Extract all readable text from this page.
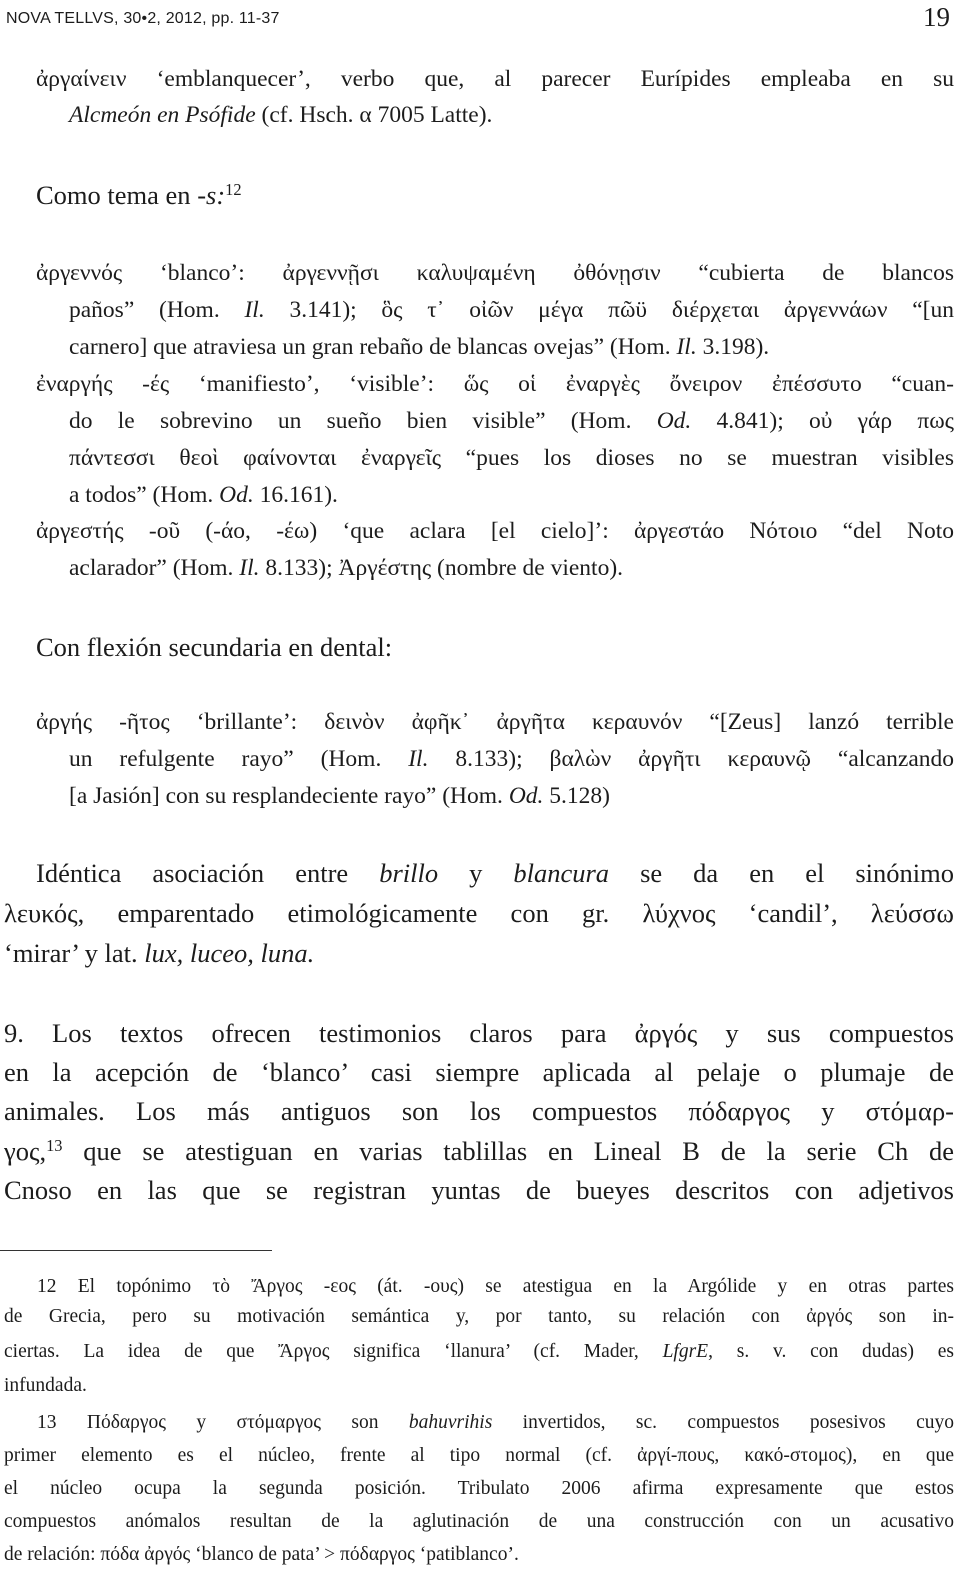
NOVA TELLVS, 30•2, 2012, pp. 11-37	19
ἀργαίνειν ‘emblanquecer’, verbo que, al parecer Eurípides empleaba en su
Alcmeón en Psófide (cf. Hsch. α 7005 Latte).
Como tema en -s:$^{12}$
ἀργεννός ‘blanco’: ἀργεννῇσι καλυψαμένη ὀθόνῃσιν “cubierta de blancos
paños” (Hom. Il. 3.141); ὃς τ᾿ οἰῶν μέγα πῶϋ διέρχεται ἀργεννάων “[un
carnero] que atraviesa un gran rebaño de blancas ovejas” (Hom. Il. 3.198).
ἐναργής -ές ‘manifiesto’, ‘visible’: ὥς οἱ ἐναργὲς ὄνειρον ἐπέσσυτο “cuan-
do le sobrevino un sueño bien visible” (Hom. Od. 4.841); οὐ γάρ πως
πάντεσσι θεοὶ φαίνονται ἐναργεῖς “pues los dioses no se muestran visibles
a todos” (Hom. Od. 16.161).
ἀργεστής -οῦ (-άο, -έω) ‘que aclara [el cielo]’: ἀργεστάο Νότοιο “del Noto
aclarador” (Hom. Il. 8.133); Ἀργέστης (nombre de viento).
Con flexión secundaria en dental:
ἀργής -ῆτος ‘brillante’: δεινὸν ἀφῆκ᾿ ἀργῆτα κεραυνόν “[Zeus] lanzó terrible
un refulgente rayo” (Hom. Il. 8.133); βαλὼν ἀργῆτι κεραυνῷ “alcanzando
[a Jasión] con su resplandeciente rayo” (Hom. Od. 5.128)
Idéntica asociación entre brillo y blancura se da en el sinónimo
λευκός, emparentado etimológicamente con gr. λύχνος ‘candil’, λεύσσω
‘mirar’ y lat. lux, luceo, luna.
9. Los textos ofrecen testimonios claros para ἀργός y sus compuestos
en la acepción de ‘blanco’ casi siempre aplicada al pelaje o plumaje de
animales. Los más antiguos son los compuestos πόδαργος y στόμαρ-
γος,$^{13}$ que se atestiguan en varias tablillas en Lineal B de la serie Ch de
Cnoso en las que se registran yuntas de bueyes descritos con adjetivos
12 El topónimo τὸ Ἄργος -εος (át. -ους) se atestigua en la Argólide y en otras partes
de Grecia, pero su motivación semántica y, por tanto, su relación con ἀργός son in-
ciertas. La idea de que Ἄργος significa ‘llanura’ (cf. Mader, LfgrE, s. v. con dudas) es
infundada.
13 Πόδαργος y στόμαργος son bahuvrihis invertidos, sc. compuestos posesivos cuyo
primer elemento es el núcleo, frente al tipo normal (cf. ἀργί-πους, κακό-στομος), en que
el núcleo ocupa la segunda posición. Tribulato 2006 afirma expresamente que estos
compuestos anómalos resultan de la aglutinación de una construcción con un acusativo
de relación: πόδα ἀργός ‘blanco de pata’ > πόδαργος ‘patiblanco’.
